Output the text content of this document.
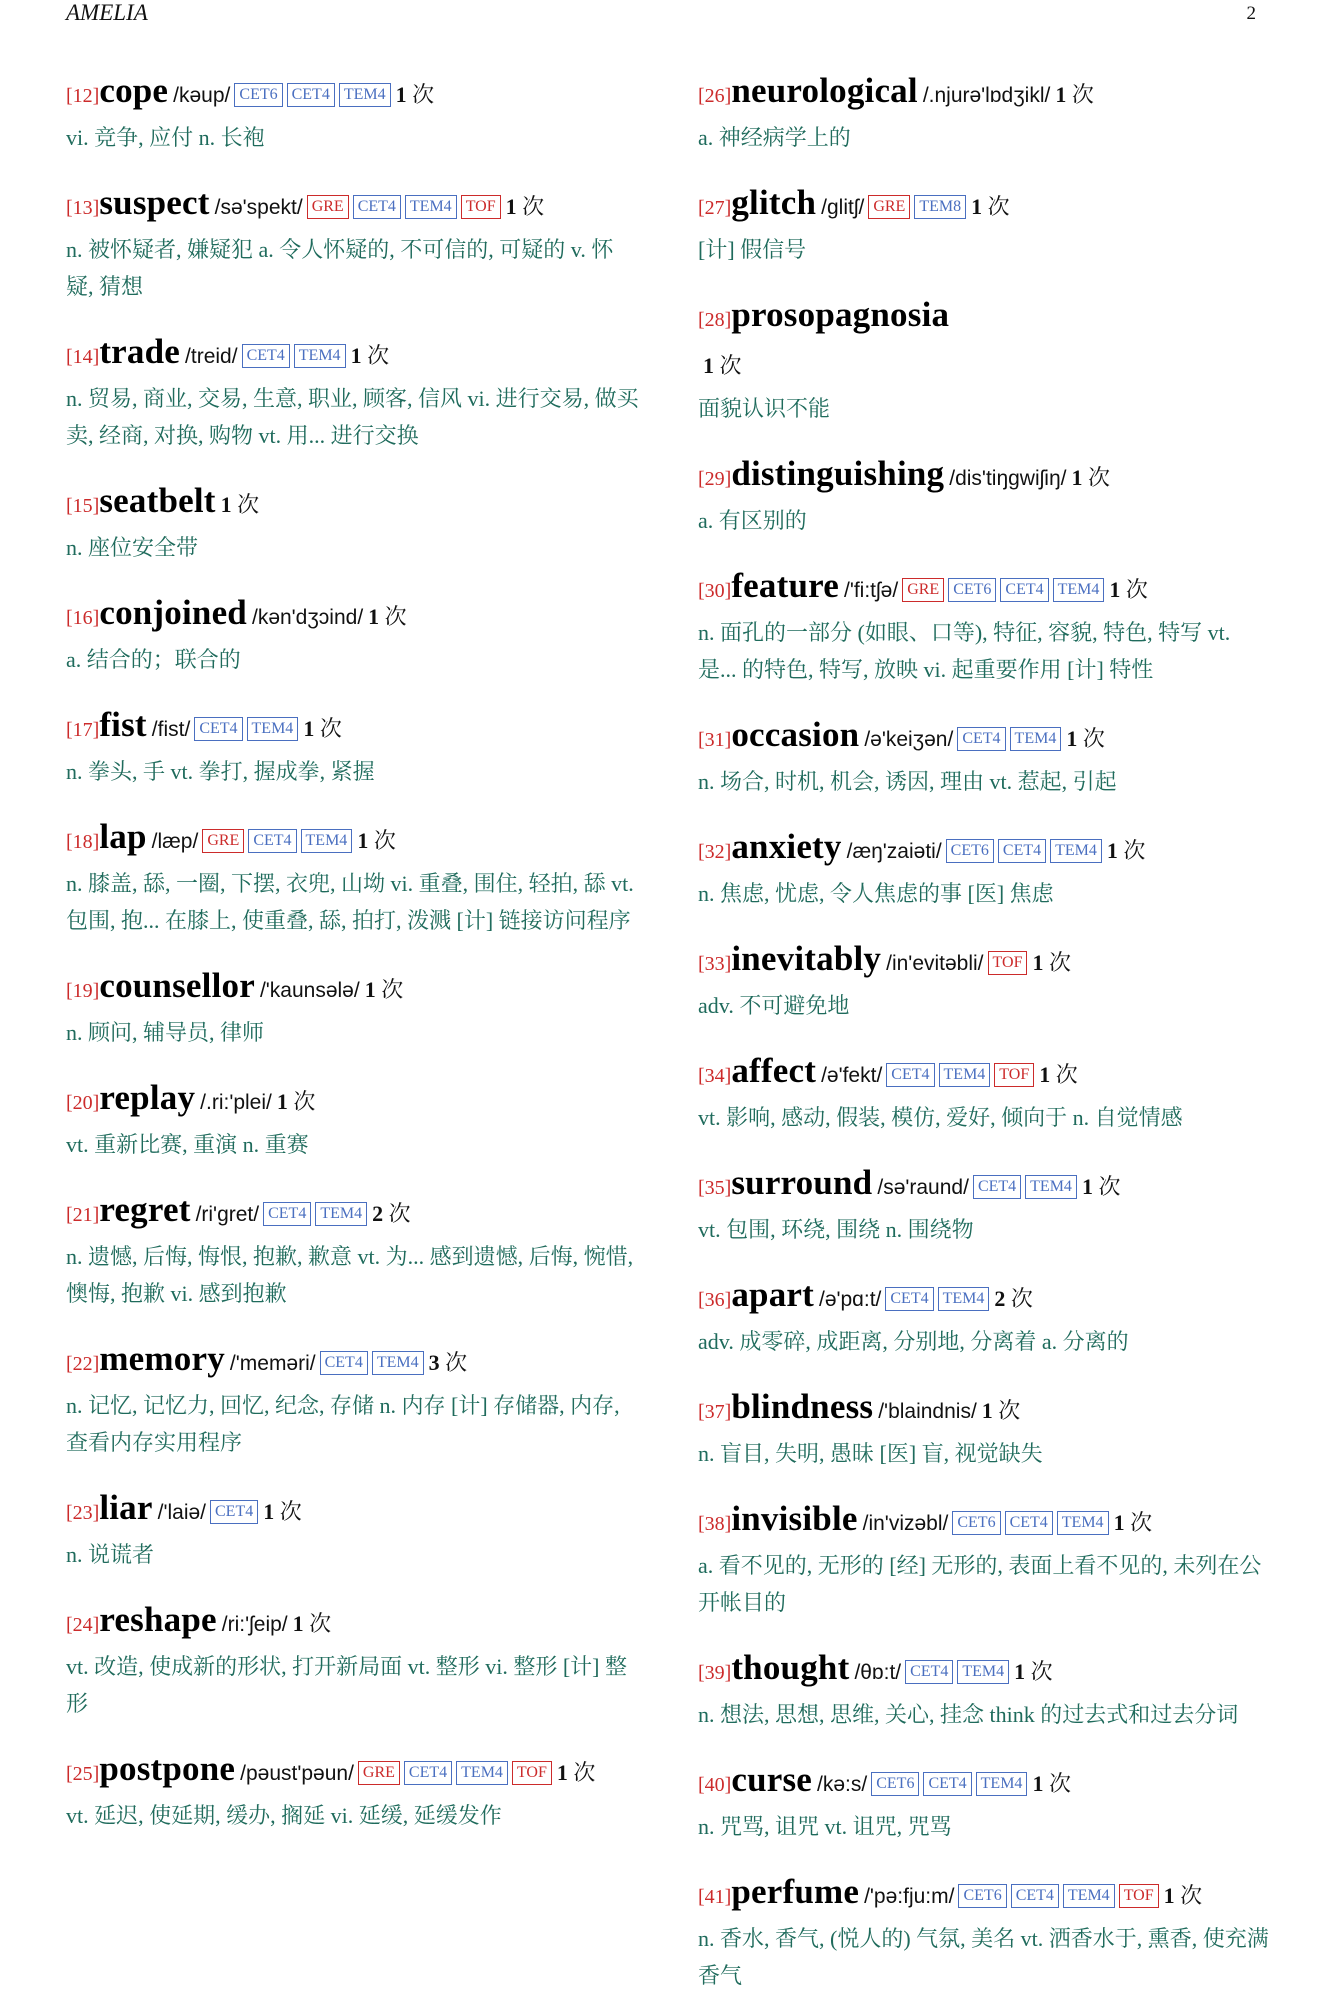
AMELIA	2
[12]cope /kəup/ CET6 CET4 TEM4 1 次
vi. 竞争, 应付 n. 长袍
[13]suspect /sə'spekt/ GRE CET4 TEM4 TOF 1 次
n. 被怀疑者, 嫌疑犯 a. 令人怀疑的, 不可信的, 可疑的 v. 怀疑, 猜想
[14]trade /treid/ CET4 TEM4 1 次
n. 贸易, 商业, 交易, 生意, 职业, 顾客, 信风 vi. 进行交易, 做买卖, 经商, 对换, 购物 vt. 用... 进行交换
[15]seatbelt 1 次
n. 座位安全带
[16]conjoined /kən'dʒɔind/ 1 次
a. 结合的；联合的
[17]fist /fist/ CET4 TEM4 1 次
n. 拳头, 手 vt. 拳打, 握成拳, 紧握
[18]lap /læp/ GRE CET4 TEM4 1 次
n. 膝盖, 舔, 一圈, 下摆, 衣兜, 山坳 vi. 重叠, 围住, 轻拍, 舔 vt. 包围, 抱... 在膝上, 使重叠, 舔, 拍打, 泼溅 [计] 链接访问程序
[19]counsellor /'kaunsələ/ 1 次
n. 顾问, 辅导员, 律师
[20]replay /.ri:'plei/ 1 次
vt. 重新比赛, 重演 n. 重赛
[21]regret /ri'gret/ CET4 TEM4 2 次
n. 遗憾, 后悔, 悔恨, 抱歉, 歉意 vt. 为... 感到遗憾, 后悔, 惋惜, 懊悔, 抱歉 vi. 感到抱歉
[22]memory /'meməri/ CET4 TEM4 3 次
n. 记忆, 记忆力, 回忆, 纪念, 存储 n. 内存 [计] 存储器, 内存, 查看内存实用程序
[23]liar /'laiə/ CET4 1 次
n. 说谎者
[24]reshape /ri:'ʃeip/ 1 次
vt. 改造, 使成新的形状, 打开新局面 vt. 整形 vi. 整形 [计] 整形
[25]postpone /pəust'pəun/ GRE CET4 TEM4 TOF 1 次
vt. 延迟, 使延期, 缓办, 搁延 vi. 延缓, 延缓发作
[26]neurological /.njurə'lɒdʒikl/ 1 次
a. 神经病学上的
[27]glitch /glitʃ/ GRE TEM8 1 次
[计] 假信号
[28]prosopagnosia
1 次
面貌认识不能
[29]distinguishing /dis'tiŋgwiʃiŋ/ 1 次
a. 有区别的
[30]feature /'fi:tʃə/ GRE CET6 CET4 TEM4 1 次
n. 面孔的一部分 (如眼、口等), 特征, 容貌, 特色, 特写 vt. 是... 的特色, 特写, 放映 vi. 起重要作用 [计] 特性
[31]occasion /ə'keiʒən/ CET4 TEM4 1 次
n. 场合, 时机, 机会, 诱因, 理由 vt. 惹起, 引起
[32]anxiety /æŋ'zaiəti/ CET6 CET4 TEM4 1 次
n. 焦虑, 忧虑, 令人焦虑的事 [医] 焦虑
[33]inevitably /in'evitəbli/ TOF 1 次
adv. 不可避免地
[34]affect /ə'fekt/ CET4 TEM4 TOF 1 次
vt. 影响, 感动, 假装, 模仿, 爱好, 倾向于 n. 自觉情感
[35]surround /sə'raund/ CET4 TEM4 1 次
vt. 包围, 环绕, 围绕 n. 围绕物
[36]apart /ə'pɑ:t/ CET4 TEM4 2 次
adv. 成零碎, 成距离, 分别地, 分离着 a. 分离的
[37]blindness /'blaindnis/ 1 次
n. 盲目, 失明, 愚昧 [医] 盲, 视觉缺失
[38]invisible /in'vizəbl/ CET6 CET4 TEM4 1 次
a. 看不见的, 无形的 [经] 无形的, 表面上看不见的, 未列在公开帐目的
[39]thought /θɒ:t/ CET4 TEM4 1 次
n. 想法, 思想, 思维, 关心, 挂念 think 的过去式和过去分词
[40]curse /kə:s/ CET6 CET4 TEM4 1 次
n. 咒骂, 诅咒 vt. 诅咒, 咒骂
[41]perfume /'pə:fju:m/ CET6 CET4 TEM4 TOF 1 次
n. 香水, 香气, (悦人的) 气氛, 美名 vt. 洒香水于, 熏香, 使充满香气
